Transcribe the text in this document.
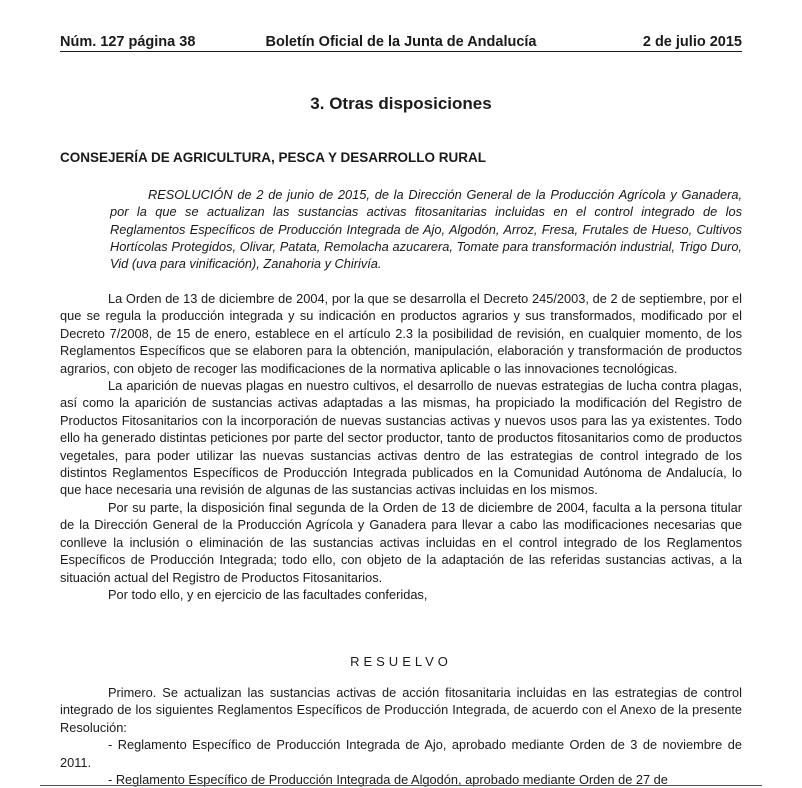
Núm. 127 página 38	Boletín Oficial de la Junta de Andalucía	2 de julio 2015
3. Otras disposiciones
CONSEJERÍA DE AGRICULTURA, PESCA Y DESARROLLO RURAL
RESOLUCIÓN de 2 de junio de 2015, de la Dirección General de la Producción Agrícola y Ganadera, por la que se actualizan las sustancias activas fitosanitarias incluidas en el control integrado de los Reglamentos Específicos de Producción Integrada de Ajo, Algodón, Arroz, Fresa, Frutales de Hueso, Cultivos Hortícolas Protegidos, Olivar, Patata, Remolacha azucarera, Tomate para transformación industrial, Trigo Duro, Vid (uva para vinificación), Zanahoria y Chirivía.

La Orden de 13 de diciembre de 2004, por la que se desarrolla el Decreto 245/2003, de 2 de septiembre, por el que se regula la producción integrada y su indicación en productos agrarios y sus transformados, modificado por el Decreto 7/2008, de 15 de enero, establece en el artículo 2.3 la posibilidad de revisión, en cualquier momento, de los Reglamentos Específicos que se elaboren para la obtención, manipulación, elaboración y transformación de productos agrarios, con objeto de recoger las modificaciones de la normativa aplicable o las innovaciones tecnológicas.

La aparición de nuevas plagas en nuestro cultivos, el desarrollo de nuevas estrategias de lucha contra plagas, así como la aparición de sustancias activas adaptadas a las mismas, ha propiciado la modificación del Registro de Productos Fitosanitarios con la incorporación de nuevas sustancias activas y nuevos usos para las ya existentes. Todo ello ha generado distintas peticiones por parte del sector productor, tanto de productos fitosanitarios como de productos vegetales, para poder utilizar las nuevas sustancias activas dentro de las estrategias de control integrado de los distintos Reglamentos Específicos de Producción Integrada publicados en la Comunidad Autónoma de Andalucía, lo que hace necesaria una revisión de algunas de las sustancias activas incluidas en los mismos.

Por su parte, la disposición final segunda de la Orden de 13 de diciembre de 2004, faculta a la persona titular de la Dirección General de la Producción Agrícola y Ganadera para llevar a cabo las modificaciones necesarias que conlleve la inclusión o eliminación de las sustancias activas incluidas en el control integrado de los Reglamentos Específicos de Producción Integrada; todo ello, con objeto de la adaptación de las referidas sustancias activas, a la situación actual del Registro de Productos Fitosanitarios.

Por todo ello, y en ejercicio de las facultades conferidas,

RESUELVO

Primero. Se actualizan las sustancias activas de acción fitosanitaria incluidas en las estrategias de control integrado de los siguientes Reglamentos Específicos de Producción Integrada, de acuerdo con el Anexo de la presente Resolución:

- Reglamento Específico de Producción Integrada de Ajo, aprobado mediante Orden de 3 de noviembre de 2011.

- Reglamento Específico de Producción Integrada de Algodón, aprobado mediante Orden de 27 de
